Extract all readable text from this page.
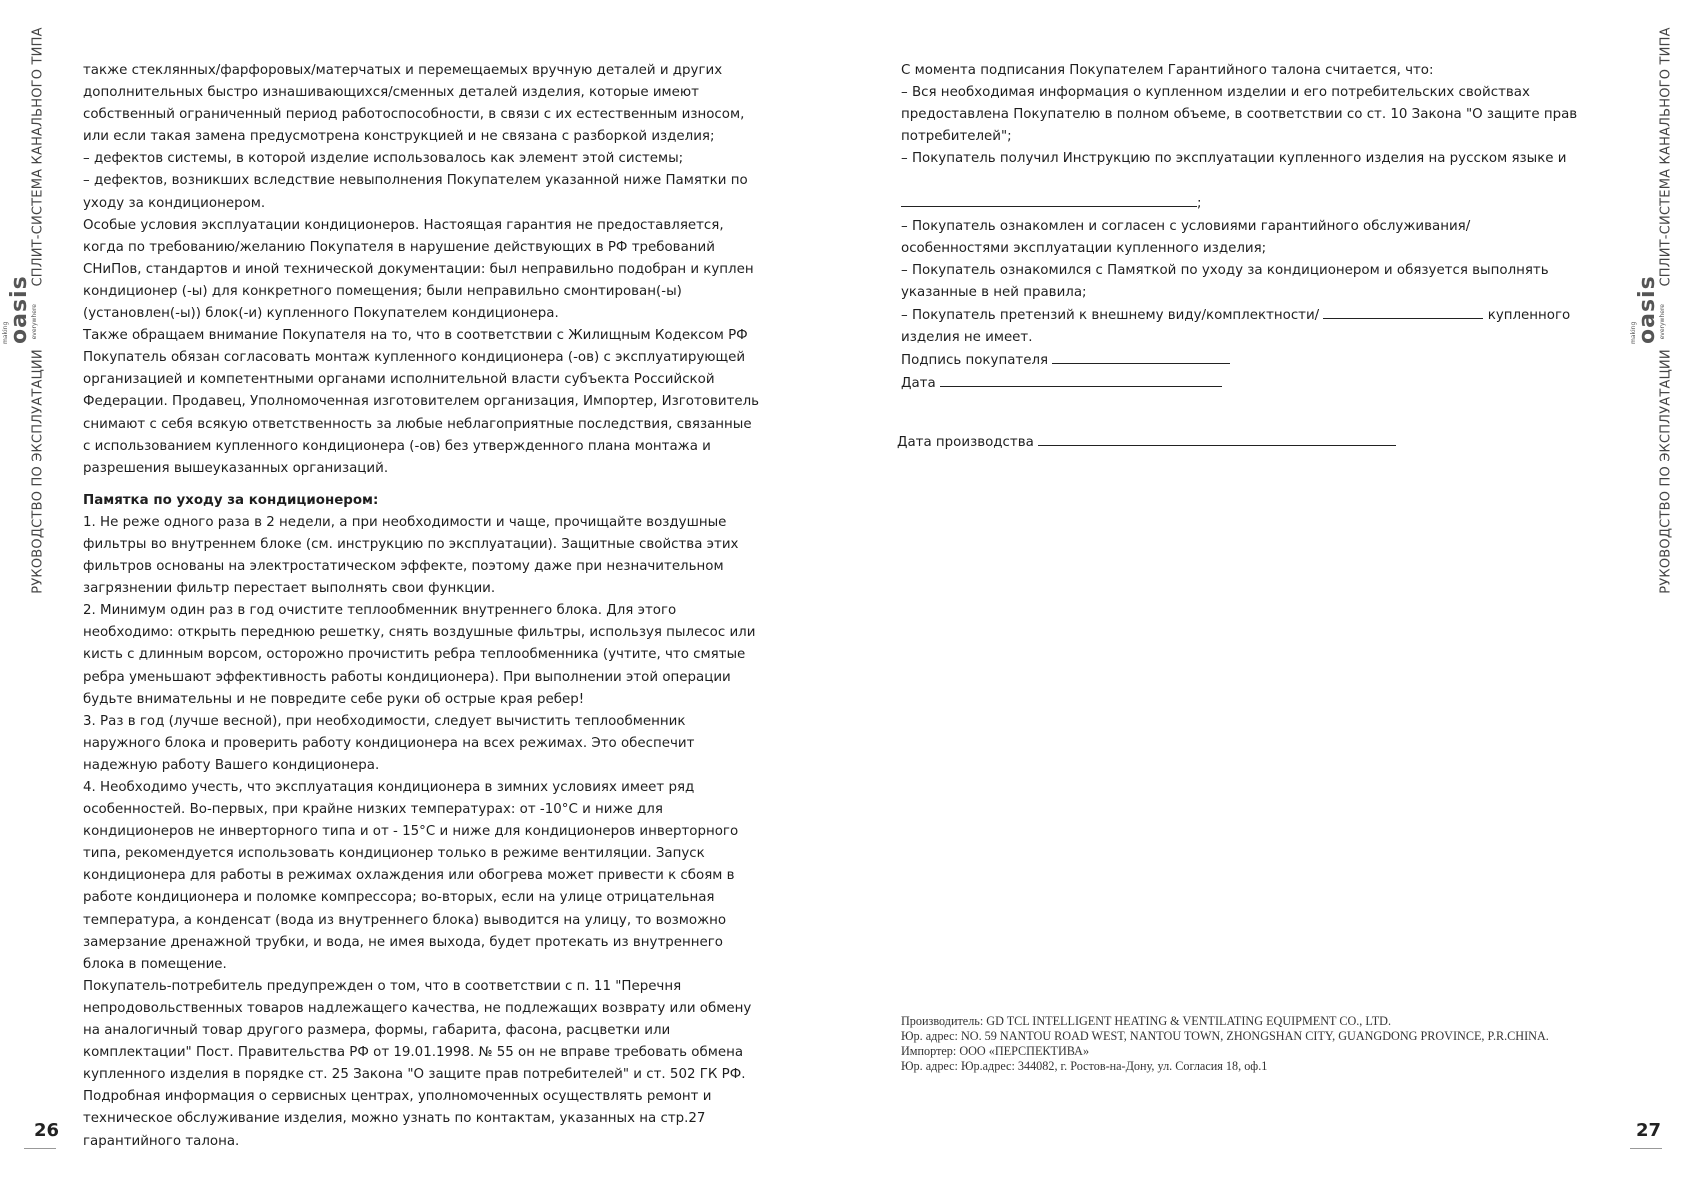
СПЛИТ-СИСТЕМА КАНАЛЬНОГО ТИПА
making
oasis everywhere
РУКОВОДСТВО ПО ЭКСПЛУАТАЦИИ
СПЛИТ-СИСТЕМА КАНАЛЬНОГО ТИПА
making
oasis everywhere
РУКОВОДСТВО ПО ЭКСПЛУАТАЦИИ
26	27

также стеклянных/фарфоровых/матерчатых и перемещаемых вручную деталей и других дополнительных быстро изнашивающихся/сменных деталей изделия, которые имеют собственный ограниченный период работоспособности, в связи с их естественным износом, или если такая замена предусмотрена конструкцией и не связана с разборкой изделия;

– дефектов системы, в которой изделие использовалось как элемент этой системы;

– дефектов, возникших вследствие невыполнения Покупателем указанной ниже Памятки по уходу за кондиционером.

Особые условия эксплуатации кондиционеров. Настоящая гарантия не предоставляется, когда по требованию/желанию Покупателя в нарушение действующих в РФ требований СНиПов, стандартов и иной технической документации: был неправильно подобран и куплен кондиционер (-ы) для конкретного помещения; были неправильно смонтирован(-ы) (установлен(-ы)) блок(-и) купленного Покупателем кондиционера.

Также обращаем внимание Покупателя на то, что в соответствии с Жилищным Кодексом РФ Покупатель обязан согласовать монтаж купленного кондиционера (-ов) с эксплуатирующей организацией и компетентными органами исполнительной власти субъекта Российской Федерации. Продавец, Уполномоченная изготовителем организация, Импортер, Изготовитель снимают с себя всякую ответственность за любые неблагоприятные последствия, связанные с использованием купленного кондиционера (-ов) без утвержденного плана монтажа и разрешения вышеуказанных организаций.

Памятка по уходу за кондиционером:

1. Не реже одного раза в 2 недели, а при необходимости и чаще, прочищайте воздушные фильтры во внутреннем блоке (см. инструкцию по эксплуатации). Защитные свойства этих фильтров основаны на электростатическом эффекте, поэтому даже при незначительном загрязнении фильтр перестает выполнять свои функции.

2. Минимум один раз в год очистите теплообменник внутреннего блока. Для этого необходимо: открыть переднюю решетку, снять воздушные фильтры, используя пылесос или кисть с длинным ворсом, осторожно прочистить ребра теплообменника (учтите, что смятые ребра уменьшают эффективность работы кондиционера). При выполнении этой операции будьте внимательны и не повредите себе руки об острые края ребер!

3. Раз в год (лучше весной), при необходимости, следует вычистить теплообменник наружного блока и проверить работу кондиционера на всех режимах. Это обеспечит надежную работу Вашего кондиционера.

4. Необходимо учесть, что эксплуатация кондиционера в зимних условиях имеет ряд особенностей. Во-первых, при крайне низких температурах: от -10°С и ниже для кондиционеров не инверторного типа и от - 15°С и ниже для кондиционеров инверторного типа, рекомендуется использовать кондиционер только в режиме вентиляции. Запуск кондиционера для работы в режимах охлаждения или обогрева может привести к сбоям в работе кондиционера и поломке компрессора; во-вторых, если на улице отрицательная температура, а конденсат (вода из внутреннего блока) выводится на улицу, то возможно замерзание дренажной трубки, и вода, не имея выхода, будет протекать из внутреннего блока в помещение.

Покупатель-потребитель предупрежден о том, что в соответствии с п. 11 "Перечня непродовольственных товаров надлежащего качества, не подлежащих возврату или обмену на аналогичный товар другого размера, формы, габарита, фасона, расцветки или комплектации" Пост. Правительства РФ от 19.01.1998. № 55 он не вправе требовать обмена купленного изделия в порядке ст. 25 Закона "О защите прав потребителей" и ст. 502 ГК РФ. Подробная информация о сервисных центрах, уполномоченных осуществлять ремонт и техническое обслуживание изделия, можно узнать по контактам, указанных на стр.27 гарантийного талона.

С момента подписания Покупателем Гарантийного талона считается, что:

– Вся необходимая информация о купленном изделии и его потребительских свойствах предоставлена Покупателю в полном объеме, в соответствии со ст. 10 Закона "О защите прав потребителей";

– Покупатель получил Инструкцию по эксплуатации купленного изделия на русском языке и

;

– Покупатель ознакомлен и согласен с условиями гарантийного обслуживания/ особенностями эксплуатации купленного изделия;

– Покупатель ознакомился с Памяткой по уходу за кондиционером и обязуется выполнять указанные в ней правила;

– Покупатель претензий к внешнему виду/комплектности/	купленного

изделия не имеет.

Подпись покупателя

Дата

Дата производства

Производитель: GD TCL INTELLIGENT HEATING & VENTILATING EQUIPMENT CO., LTD.

Юр. адрес: NO. 59 NANTOU ROAD WEST, NANTOU TOWN, ZHONGSHAN CITY, GUANGDONG PROVINCE, P.R.CHINA.

Импортер: ООО «ПЕРСПЕКТИВА»

Юр. адрес: Юр.адрес: 344082, г. Ростов-на-Дону, ул. Согласия 18, оф.1
